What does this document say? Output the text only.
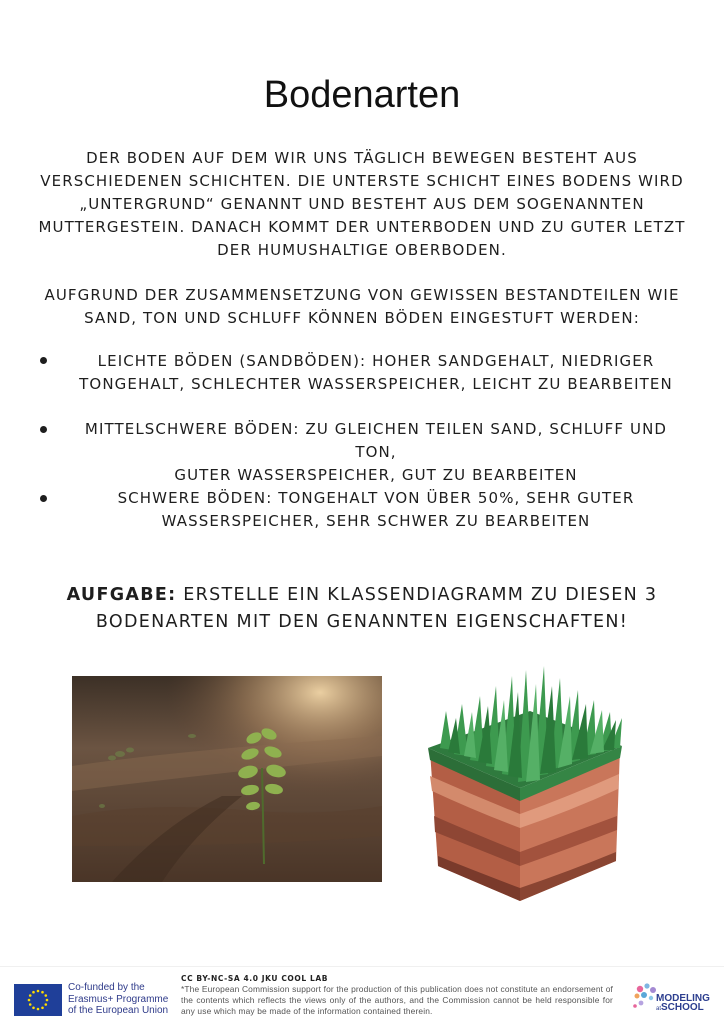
Bodenarten
DER BODEN AUF DEM WIR UNS TÄGLICH BEWEGEN BESTEHT AUS
VERSCHIEDENEN SCHICHTEN. DIE UNTERSTE SCHICHT EINES BODENS WIRD
„UNTERGRUND“ GENANNT UND BESTEHT AUS DEM SOGENANNTEN
MUTTERGESTEIN. DANACH KOMMT DER UNTERBODEN UND ZU GUTER LETZT
DER HUMUSHALTIGE OBERBODEN.
AUFGRUND DER ZUSAMMENSETZUNG VON GEWISSEN BESTANDTEILEN WIE
SAND, TON UND SCHLUFF KÖNNEN BÖDEN EINGESTUFT WERDEN:
LEICHTE BÖDEN (SANDBÖDEN): HOHER SANDGEHALT, NIEDRIGER
TONGEHALT, SCHLECHTER WASSERSPEICHER, LEICHT ZU BEARBEITEN
MITTELSCHWERE BÖDEN: ZU GLEICHEN TEILEN SAND, SCHLUFF UND TON,
GUTER WASSERSPEICHER, GUT ZU BEARBEITEN
SCHWERE BÖDEN: TONGEHALT VON ÜBER 50%, SEHR GUTER
WASSERSPEICHER, SEHR SCHWER ZU BEARBEITEN
AUFGABE: ERSTELLE EIN KLASSENDIAGRAMM ZU DIESEN 3
BODENARTEN MIT DEN GENANNTEN EIGENSCHAFTEN!
Co-funded by the
Erasmus+ Programme
of the European Union
CC BY-NC-SA 4.0 JKU COOL LAB
*The European Commission support for the production of this publication does not constitute an endorsement of the contents which reflects the views only of the authors, and the Commission cannot be held responsible for any use which may be made of the information contained therein.
MODELING
atSCHOOL
